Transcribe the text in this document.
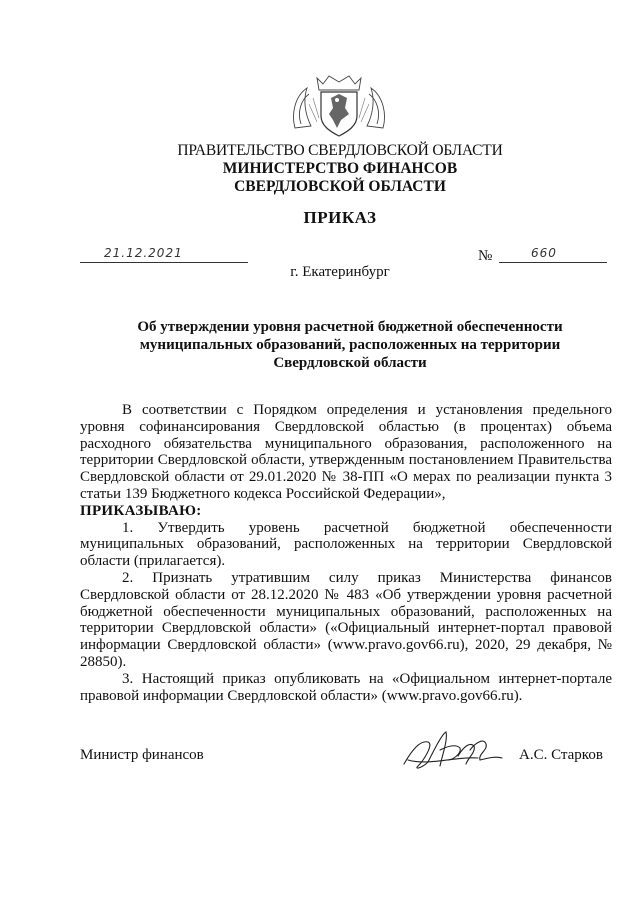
ПРАВИТЕЛЬСТВО СВЕРДЛОВСКОЙ ОБЛАСТИ
МИНИСТЕРСТВО ФИНАНСОВ
СВЕРДЛОВСКОЙ ОБЛАСТИ
ПРИКАЗ
21.12.2021	№	660
г. Екатеринбург
Об утверждении уровня расчетной бюджетной обеспеченности муниципальных образований, расположенных на территории Свердловской области

В соответствии с Порядком определения и установления предельного уровня софинансирования Свердловской областью (в процентах) объема расходного обязательства муниципального образования, расположенного на территории Свердловской области, утвержденным постановлением Правительства Свердловской области от 29.01.2020 № 38-ПП «О мерах по реализации пункта 3 статьи 139 Бюджетного кодекса Российской Федерации»,

ПРИКАЗЫВАЮ:

1. Утвердить уровень расчетной бюджетной обеспеченности муниципальных образований, расположенных на территории Свердловской области (прилагается).

2. Признать утратившим силу приказ Министерства финансов Свердловской области от 28.12.2020 № 483 «Об утверждении уровня расчетной бюджетной обеспеченности муниципальных образований, расположенных на территории Свердловской области» («Официальный интернет-портал правовой информации Свердловской области» (www.pravo.gov66.ru), 2020, 29 декабря, № 28850).

3. Настоящий приказ опубликовать на «Официальном интернет-портале правовой информации Свердловской области» (www.pravo.gov66.ru).

Министр финансов	А.С. Старков
